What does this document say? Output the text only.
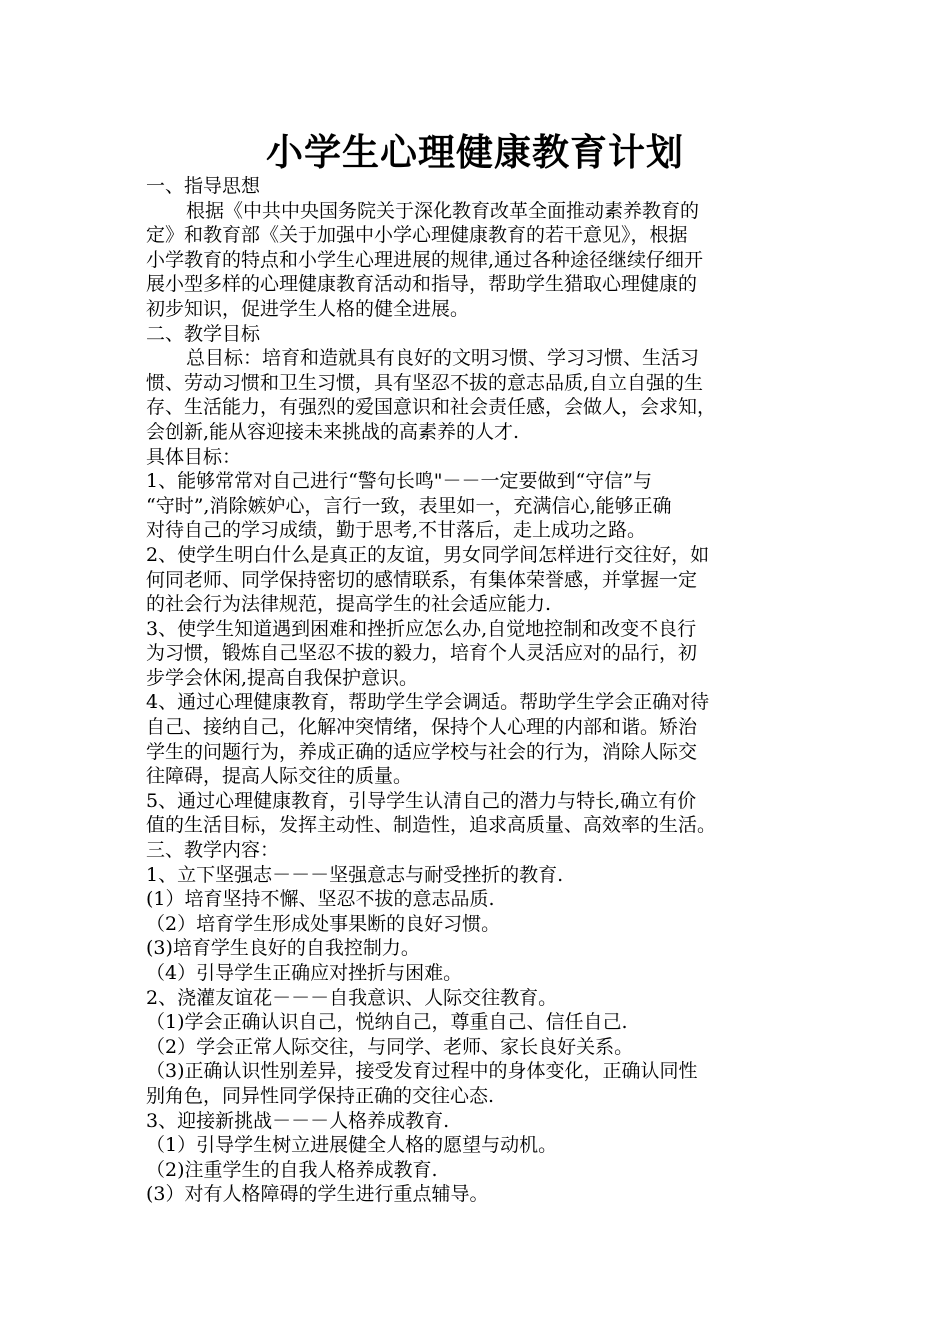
小学生心理健康教育计划
一、指导思想
根据《中共中央国务院关于深化教育改革全面推动素养教育的
定》和教育部《关于加强中小学心理健康教育的若干意见》，根据
小学教育的特点和小学生心理进展的规律,通过各种途径继续仔细开
展小型多样的心理健康教育活动和指导，帮助学生猎取心理健康的
初步知识，促进学生人格的健全进展。
二、教学目标
总目标：培育和造就具有良好的文明习惯、学习习惯、生活习
惯、劳动习惯和卫生习惯，具有坚忍不拔的意志品质,自立自强的生
存、生活能力，有强烈的爱国意识和社会责任感，会做人，会求知，
会创新,能从容迎接未来挑战的高素养的人才.
具体目标：
1、能够常常对自己进行“警句长鸣"－－一定要做到“守信”与
“守时”,消除嫉妒心，言行一致，表里如一，充满信心,能够正确
对待自己的学习成绩，勤于思考,不甘落后，走上成功之路。
2、使学生明白什么是真正的友谊，男女同学间怎样进行交往好，如
何同老师、同学保持密切的感情联系，有集体荣誉感，并掌握一定
的社会行为法律规范，提高学生的社会适应能力.
3、使学生知道遇到困难和挫折应怎么办,自觉地控制和改变不良行
为习惯，锻炼自己坚忍不拔的毅力，培育个人灵活应对的品行，初
步学会休闲,提高自我保护意识。
4、通过心理健康教育，帮助学生学会调适。帮助学生学会正确对待
自己、接纳自己，化解冲突情绪，保持个人心理的内部和谐。矫治
学生的问题行为，养成正确的适应学校与社会的行为，消除人际交
往障碍，提高人际交往的质量。
5、通过心理健康教育，引导学生认清自己的潜力与特长,确立有价
值的生活目标，发挥主动性、制造性，追求高质量、高效率的生活。
三、教学内容：
1、立下坚强志－－－坚强意志与耐受挫折的教育.
(1）培育坚持不懈、坚忍不拔的意志品质.
（2）培育学生形成处事果断的良好习惯。
(3)培育学生良好的自我控制力。
（4）引导学生正确应对挫折与困难。
2、浇灌友谊花－－－自我意识、人际交往教育。
（1)学会正确认识自己，悦纳自己，尊重自己、信任自己.
（2）学会正常人际交往，与同学、老师、家长良好关系。
（3)正确认识性别差异，接受发育过程中的身体变化，正确认同性
别角色，同异性同学保持正确的交往心态.
3、迎接新挑战－－－人格养成教育.
（1）引导学生树立进展健全人格的愿望与动机。
（2)注重学生的自我人格养成教育.
(3）对有人格障碍的学生进行重点辅导。
